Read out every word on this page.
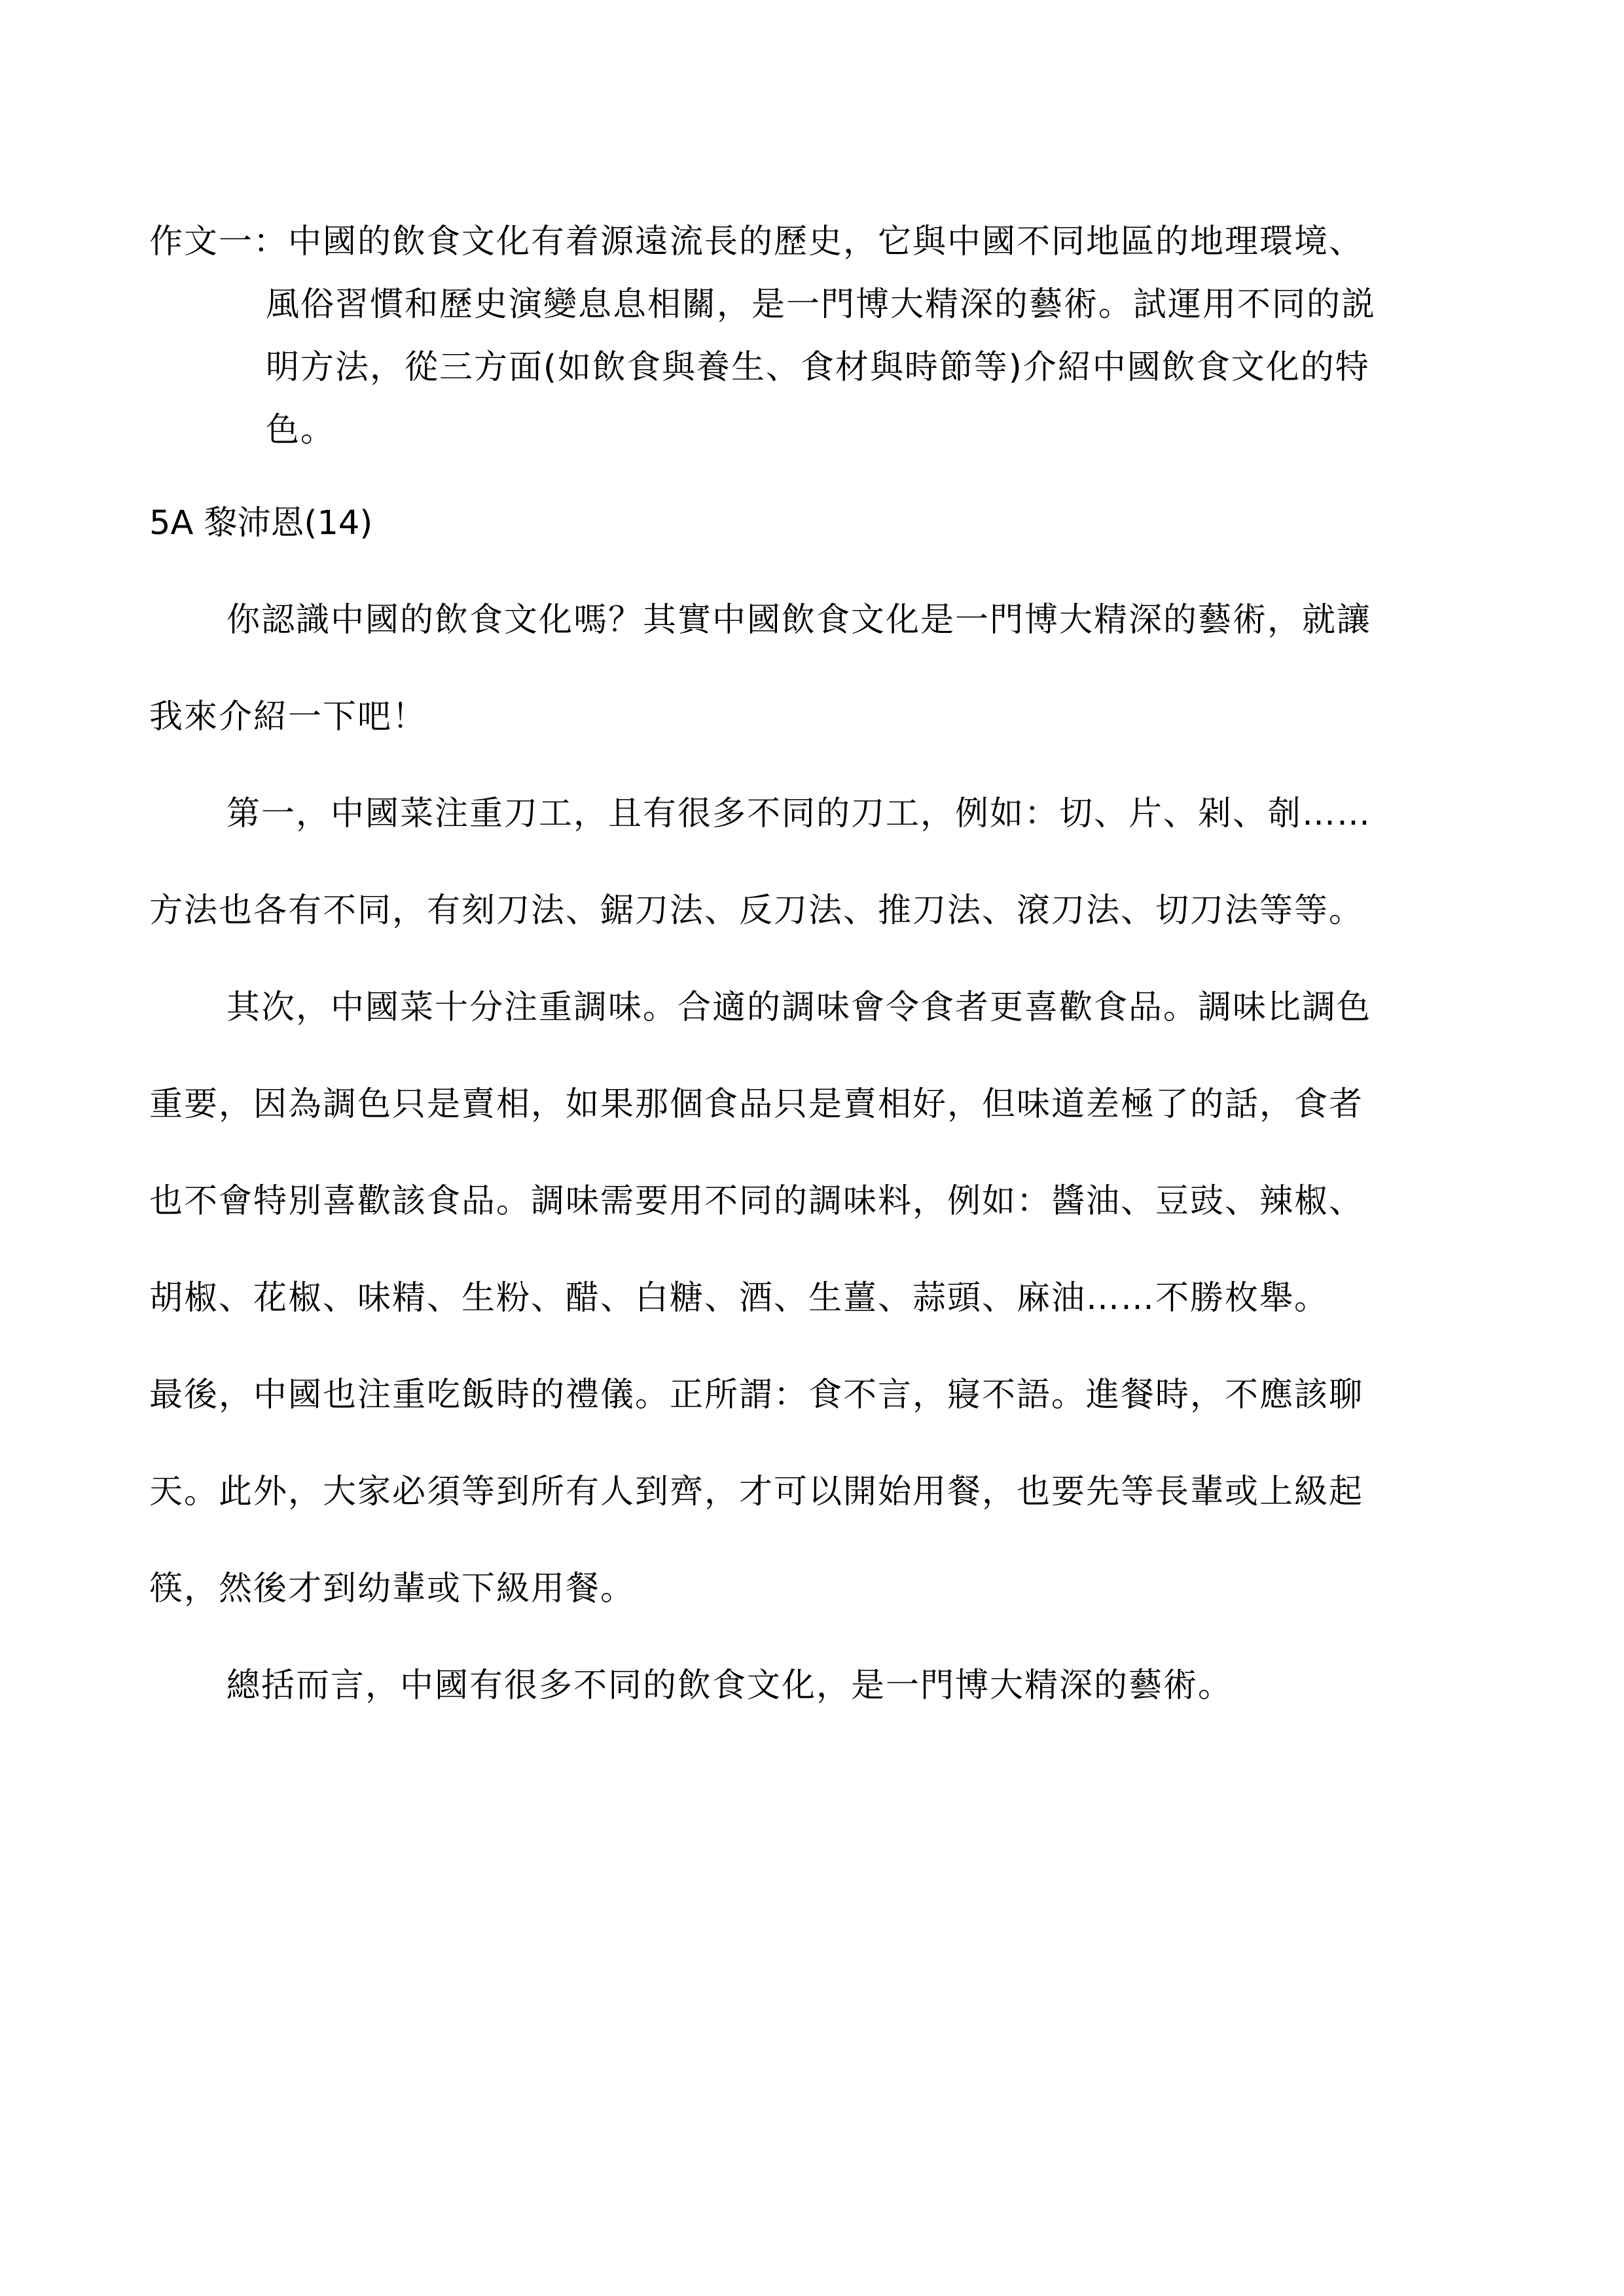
作文一：中國的飲食文化有着源遠流長的歷史，它與中國不同地區的地理環境、
風俗習慣和歷史演變息息相關，是一門博大精深的藝術。試運用不同的説
明方法，從三方面(如飲食與養生、食材與時節等)介紹中國飲食文化的特
色。
5A 黎沛恩(14)
你認識中國的飲食文化嗎？其實中國飲食文化是一門博大精深的藝術，就讓
我來介紹一下吧！
第一，中國菜注重刀工，且有很多不同的刀工，例如：切、片、剁、剞……
方法也各有不同，有刻刀法、鋸刀法、反刀法、推刀法、滾刀法、切刀法等等。
其次，中國菜十分注重調味。合適的調味會令食者更喜歡食品。調味比調色
重要，因為調色只是賣相，如果那個食品只是賣相好，但味道差極了的話，食者
也不會特別喜歡該食品。調味需要用不同的調味料，例如：醬油、豆豉、辣椒、
胡椒、花椒、味精、生粉、醋、白糖、酒、生薑、蒜頭、麻油……不勝枚舉。
最後，中國也注重吃飯時的禮儀。正所謂：食不言，寢不語。進餐時，不應該聊
天。此外，大家必須等到所有人到齊，才可以開始用餐，也要先等長輩或上級起
筷，然後才到幼輩或下級用餐。
總括而言，中國有很多不同的飲食文化，是一門博大精深的藝術。
